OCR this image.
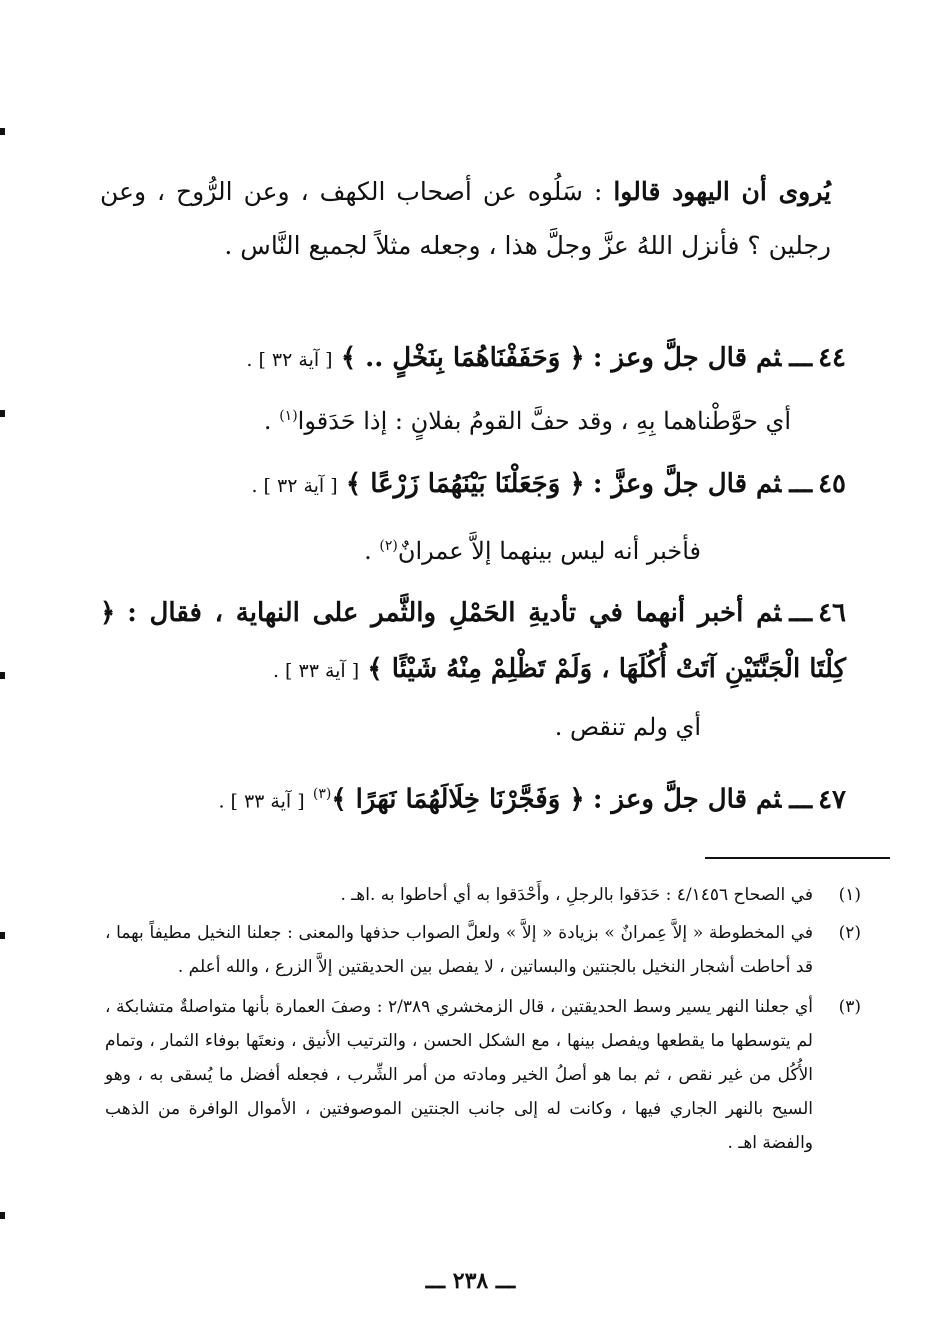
يُروى أن اليهود قالوا : سَلُوه عن أصحاب الكهف ، وعن الرُّوح ، وعن رجلين ؟ فأنزل اللهُ عزَّ وجلَّ هذا ، وجعله مثلاً لجميع النَّاس .
٤٤ـــثم قال جلَّ وعز : ﴿ وَحَفَفْنَاهُمَا بِنَخْلٍ .. ﴾ [ آية ٣٢ ] .
أي حوَّطْناهما بِهِ ، وقد حفَّ القومُ بفلانٍ : إذا حَدَقوا$^{(١)}$ .
٤٥ـــثم قال جلَّ وعزَّ : ﴿ وَجَعَلْنَا بَيْنَهُمَا زَرْعًا ﴾ [ آية ٣٢ ] .
فأخبر أنه ليس بينهما إلاَّ عمرانٌ$^{(٢)}$ .
٤٦ـــثم أخبر أنهما في تأديةِ الحَمْلِ والثَّمر على النهاية ، فقال : ﴿ كِلْتَا الْجَنَّتَيْنِ آتَتْ أُكُلَهَا ، وَلَمْ تَظْلِمْ مِنْهُ شَيْئًا ﴾ [ آية ٣٣ ] .
أي ولم تنقص .
٤٧ـــثم قال جلَّ وعز : ﴿ وَفَجَّرْنَا خِلَالَهُمَا نَهَرًا ﴾$^{(٣)}$ [ آية ٣٣ ] .
(١)
في الصحاح ٤/١٤٥٦ : حَدَقوا بالرجلِ ، وأَحْدَقوا به أي أحاطوا به .اهـ .
(٢)
في المخطوطة « إلاَّ عِمرانٌ » بزيادة « إلاَّ » ولعلَّ الصواب حذفها والمعنى : جعلنا النخيل مطيفاً بهما ، قد أحاطت أشجار النخيل بالجنتين والبساتين ، لا يفصل بين الحديقتين إلاَّ الزرع ، والله أعلم .
(٣)
أي جعلنا النهر يسير وسط الحديقتين ، قال الزمخشري ٢/٣٨٩ : وصفَ العمارة بأنها متواصلةٌ متشابكة ، لم يتوسطها ما يقطعها ويفصل بينها ، مع الشكل الحسن ، والترتيب الأنيق ، ونعتَها بوفاء الثمار ، وتمام الأُكُل من غير نقص ، ثم بما هو أصلُ الخير ومادته من أمر الشِّرب ، فجعله أفضل ما يُسقى به ، وهو السيح بالنهر الجاري فيها ، وكانت له إلى جانب الجنتين الموصوفتين ، الأموال الوافرة من الذهب والفضة اهـ .
ـــ ٢٣٨ ـــ
